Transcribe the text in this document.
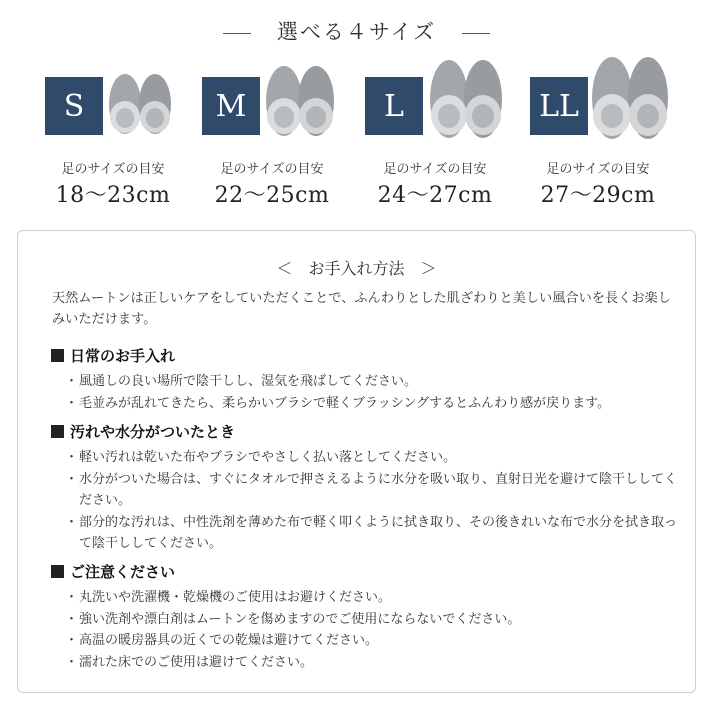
選べる４サイズ
S
足のサイズの目安
18～23cm
M
足のサイズの目安
22～25cm
L
足のサイズの目安
24～27cm
LL
足のサイズの目安
27～29cm
＜　お手入れ方法　＞
天然ムートンは正しいケアをしていただくことで、ふんわりとした肌ざわりと美しい風合いを長くお楽しみいただけます。
日常のお手入れ
・ 風通しの良い場所で陰干しし、湿気を飛ばしてください。
・ 毛並みが乱れてきたら、柔らかいブラシで軽くブラッシングするとふんわり感が戻ります。
汚れや水分がついたとき
・ 軽い汚れは乾いた布やブラシでやさしく払い落としてください。
・ 水分がついた場合は、すぐにタオルで押さえるように水分を吸い取り、直射日光を避けて陰干ししてください。
・ 部分的な汚れは、中性洗剤を薄めた布で軽く叩くように拭き取り、その後きれいな布で水分を拭き取って陰干ししてください。
ご注意ください
・ 丸洗いや洗濯機・乾燥機のご使用はお避けください。
・ 強い洗剤や漂白剤はムートンを傷めますのでご使用にならないでください。
・ 高温の暖房器具の近くでの乾燥は避けてください。
・ 濡れた床でのご使用は避けてください。
